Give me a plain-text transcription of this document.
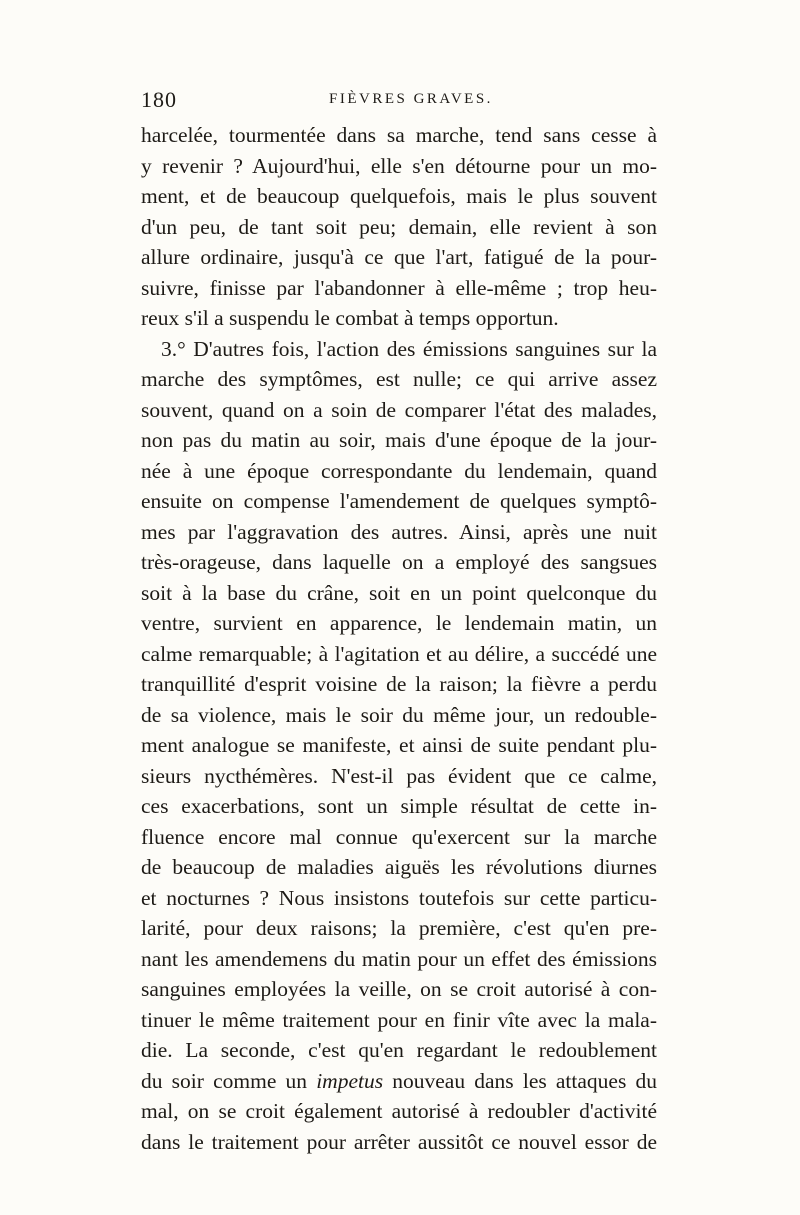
180	FIÈVRES GRAVES.
harcelée, tourmentée dans sa marche, tend sans cesse à
y revenir ? Aujourd'hui, elle s'en détourne pour un mo-
ment, et de beaucoup quelquefois, mais le plus souvent
d'un peu, de tant soit peu; demain, elle revient à son
allure ordinaire, jusqu'à ce que l'art, fatigué de la pour-
suivre, finisse par l'abandonner à elle-même ; trop heu-
reux s'il a suspendu le combat à temps opportun.
3.° D'autres fois, l'action des émissions sanguines sur la
marche des symptômes, est nulle; ce qui arrive assez
souvent, quand on a soin de comparer l'état des malades,
non pas du matin au soir, mais d'une époque de la jour-
née à une époque correspondante du lendemain, quand
ensuite on compense l'amendement de quelques symptô-
mes par l'aggravation des autres. Ainsi, après une nuit
très-orageuse, dans laquelle on a employé des sangsues
soit à la base du crâne, soit en un point quelconque du
ventre, survient en apparence, le lendemain matin, un
calme remarquable; à l'agitation et au délire, a succédé une
tranquillité d'esprit voisine de la raison; la fièvre a perdu
de sa violence, mais le soir du même jour, un redouble-
ment analogue se manifeste, et ainsi de suite pendant plu-
sieurs nycthémères. N'est-il pas évident que ce calme,
ces exacerbations, sont un simple résultat de cette in-
fluence encore mal connue qu'exercent sur la marche
de beaucoup de maladies aiguës les révolutions diurnes
et nocturnes ? Nous insistons toutefois sur cette particu-
larité, pour deux raisons; la première, c'est qu'en pre-
nant les amendemens du matin pour un effet des émissions
sanguines employées la veille, on se croit autorisé à con-
tinuer le même traitement pour en finir vîte avec la mala-
die. La seconde, c'est qu'en regardant le redoublement
du soir comme un impetus nouveau dans les attaques du
mal, on se croit également autorisé à redoubler d'activité
dans le traitement pour arrêter aussitôt ce nouvel essor de
